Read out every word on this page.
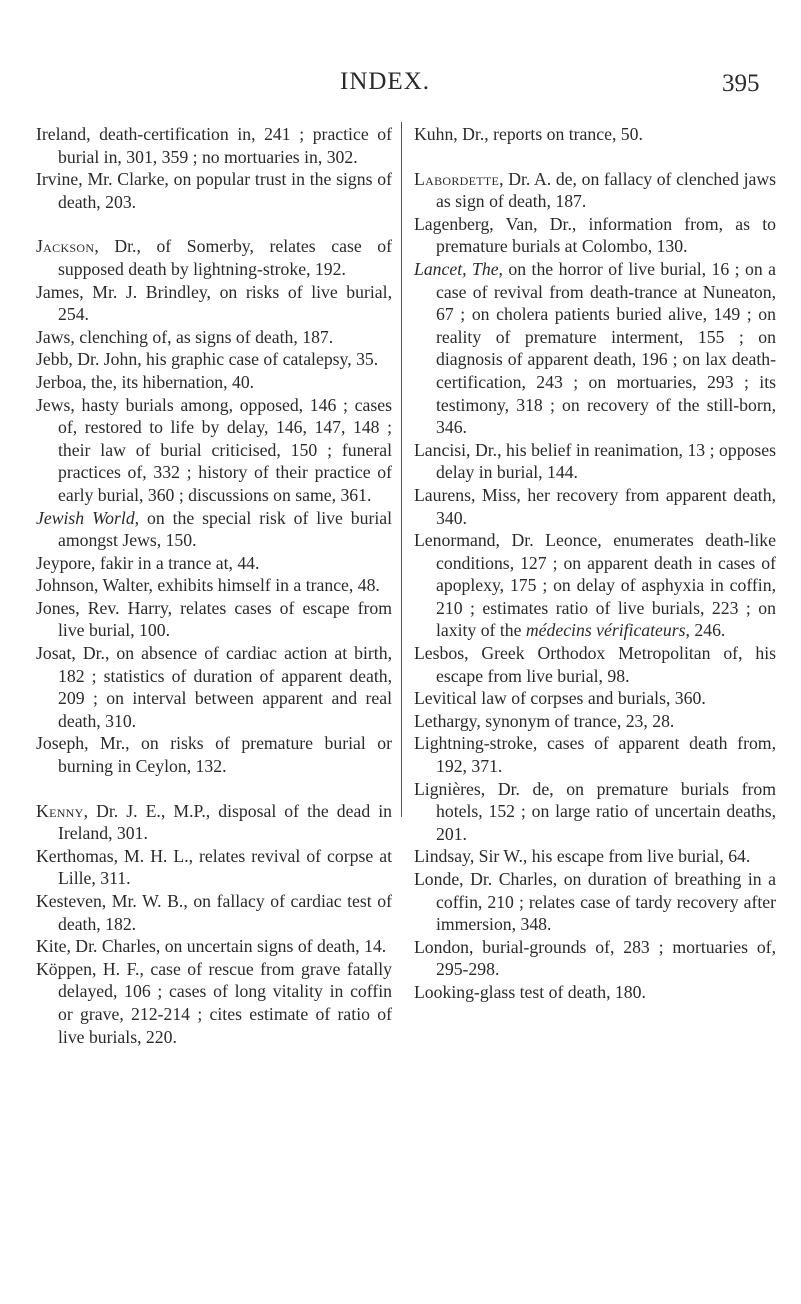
INDEX.	395

Ireland, death-certification in, 241 ; practice of burial in, 301, 359 ; no mortuaries in, 302.

Irvine, Mr. Clarke, on popular trust in the signs of death, 203.

Jackson, Dr., of Somerby, relates case of supposed death by lightning-stroke, 192.

James, Mr. J. Brindley, on risks of live burial, 254.

Jaws, clenching of, as signs of death, 187.

Jebb, Dr. John, his graphic case of catalepsy, 35.

Jerboa, the, its hibernation, 40.

Jews, hasty burials among, opposed, 146 ; cases of, restored to life by delay, 146, 147, 148 ; their law of burial criticised, 150 ; funeral practices of, 332 ; history of their practice of early burial, 360 ; discussions on same, 361.

Jewish World, on the special risk of live burial amongst Jews, 150.

Jeypore, fakir in a trance at, 44.

Johnson, Walter, exhibits himself in a trance, 48.

Jones, Rev. Harry, relates cases of escape from live burial, 100.

Josat, Dr., on absence of cardiac action at birth, 182 ; statistics of duration of apparent death, 209 ; on interval between apparent and real death, 310.

Joseph, Mr., on risks of premature burial or burning in Ceylon, 132.

Kenny, Dr. J. E., M.P., disposal of the dead in Ireland, 301.

Kerthomas, M. H. L., relates revival of corpse at Lille, 311.

Kesteven, Mr. W. B., on fallacy of cardiac test of death, 182.

Kite, Dr. Charles, on uncertain signs of death, 14.

Köppen, H. F., case of rescue from grave fatally delayed, 106 ; cases of long vitality in coffin or grave, 212-214 ; cites estimate of ratio of live burials, 220.

Kuhn, Dr., reports on trance, 50.

Labordette, Dr. A. de, on fallacy of clenched jaws as sign of death, 187.

Lagenberg, Van, Dr., information from, as to premature burials at Colombo, 130.

Lancet, The, on the horror of live burial, 16 ; on a case of revival from death-trance at Nuneaton, 67 ; on cholera patients buried alive, 149 ; on reality of premature interment, 155 ; on diagnosis of apparent death, 196 ; on lax death-certification, 243 ; on mortuaries, 293 ; its testimony, 318 ; on recovery of the still-born, 346.

Lancisi, Dr., his belief in reanimation, 13 ; opposes delay in burial, 144.

Laurens, Miss, her recovery from apparent death, 340.

Lenormand, Dr. Leonce, enumerates death-like conditions, 127 ; on apparent death in cases of apoplexy, 175 ; on delay of asphyxia in coffin, 210 ; estimates ratio of live burials, 223 ; on laxity of the médecins vérificateurs, 246.

Lesbos, Greek Orthodox Metropolitan of, his escape from live burial, 98.

Levitical law of corpses and burials, 360.

Lethargy, synonym of trance, 23, 28.

Lightning-stroke, cases of apparent death from, 192, 371.

Lignières, Dr. de, on premature burials from hotels, 152 ; on large ratio of uncertain deaths, 201.

Lindsay, Sir W., his escape from live burial, 64.

Londe, Dr. Charles, on duration of breathing in a coffin, 210 ; relates case of tardy recovery after immersion, 348.

London, burial-grounds of, 283 ; mortuaries of, 295-298.

Looking-glass test of death, 180.
